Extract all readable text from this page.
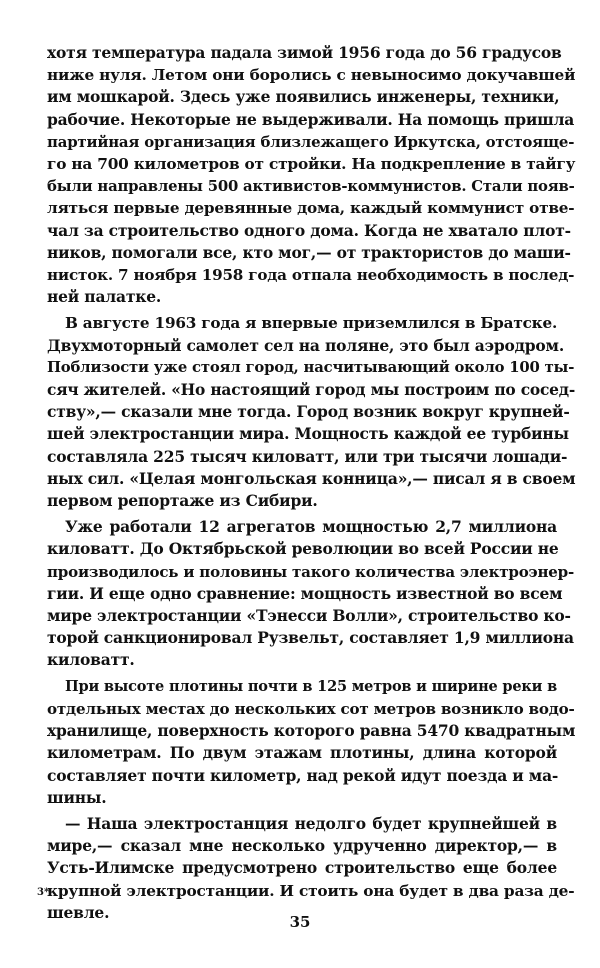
хотя температура падала зимой 1956 года до 56 градусов
ниже нуля. Летом они боролись с невыносимо докучавшей
им мошкарой. Здесь уже появились инженеры, техники,
рабочие. Некоторые не выдерживали. На помощь пришла
партийная организация близлежащего Иркутска, отстояще-
го на 700 километров от стройки. На подкрепление в тайгу
были направлены 500 активистов-коммунистов. Стали появ-
ляться первые деревянные дома, каждый коммунист отве-
чал за строительство одного дома. Когда не хватало плот-
ников, помогали все, кто мог,— от трактористов до маши-
нисток. 7 ноября 1958 года отпала необходимость в послед-
ней палатке.
В августе 1963 года я впервые приземлился в Братске.
Двухмоторный самолет сел на поляне, это был аэродром.
Поблизости уже стоял город, насчитывающий около 100 ты-
сяч жителей. «Но настоящий город мы построим по сосед-
ству»,— сказали мне тогда. Город возник вокруг крупней-
шей электростанции мира. Мощность каждой ее турбины
составляла 225 тысяч киловатт, или три тысячи лошади-
ных сил. «Целая монгольская конница»,— писал я в своем
первом репортаже из Сибири.
Уже работали 12 агрегатов мощностью 2,7 миллиона
киловатт. До Октябрьской революции во всей России не
производилось и половины такого количества электроэнер-
гии. И еще одно сравнение: мощность известной во всем
мире электростанции «Тэнесси Волли», строительство ко-
торой санкционировал Рузвельт, составляет 1,9 миллиона
киловатт.
При высоте плотины почти в 125 метров и ширине реки в
отдельных местах до нескольких сот метров возникло водо-
хранилище, поверхность которого равна 5470 квадратным
километрам. По двум этажам плотины, длина которой
составляет почти километр, над рекой идут поезда и ма-
шины.
— Наша электростанция недолго будет крупнейшей в
мире,— сказал мне несколько удрученно директор,— в
Усть-Илимске предусмотрено строительство еще более
крупной электростанции. И стоить она будет в два раза де-
шевле.
3*
35
